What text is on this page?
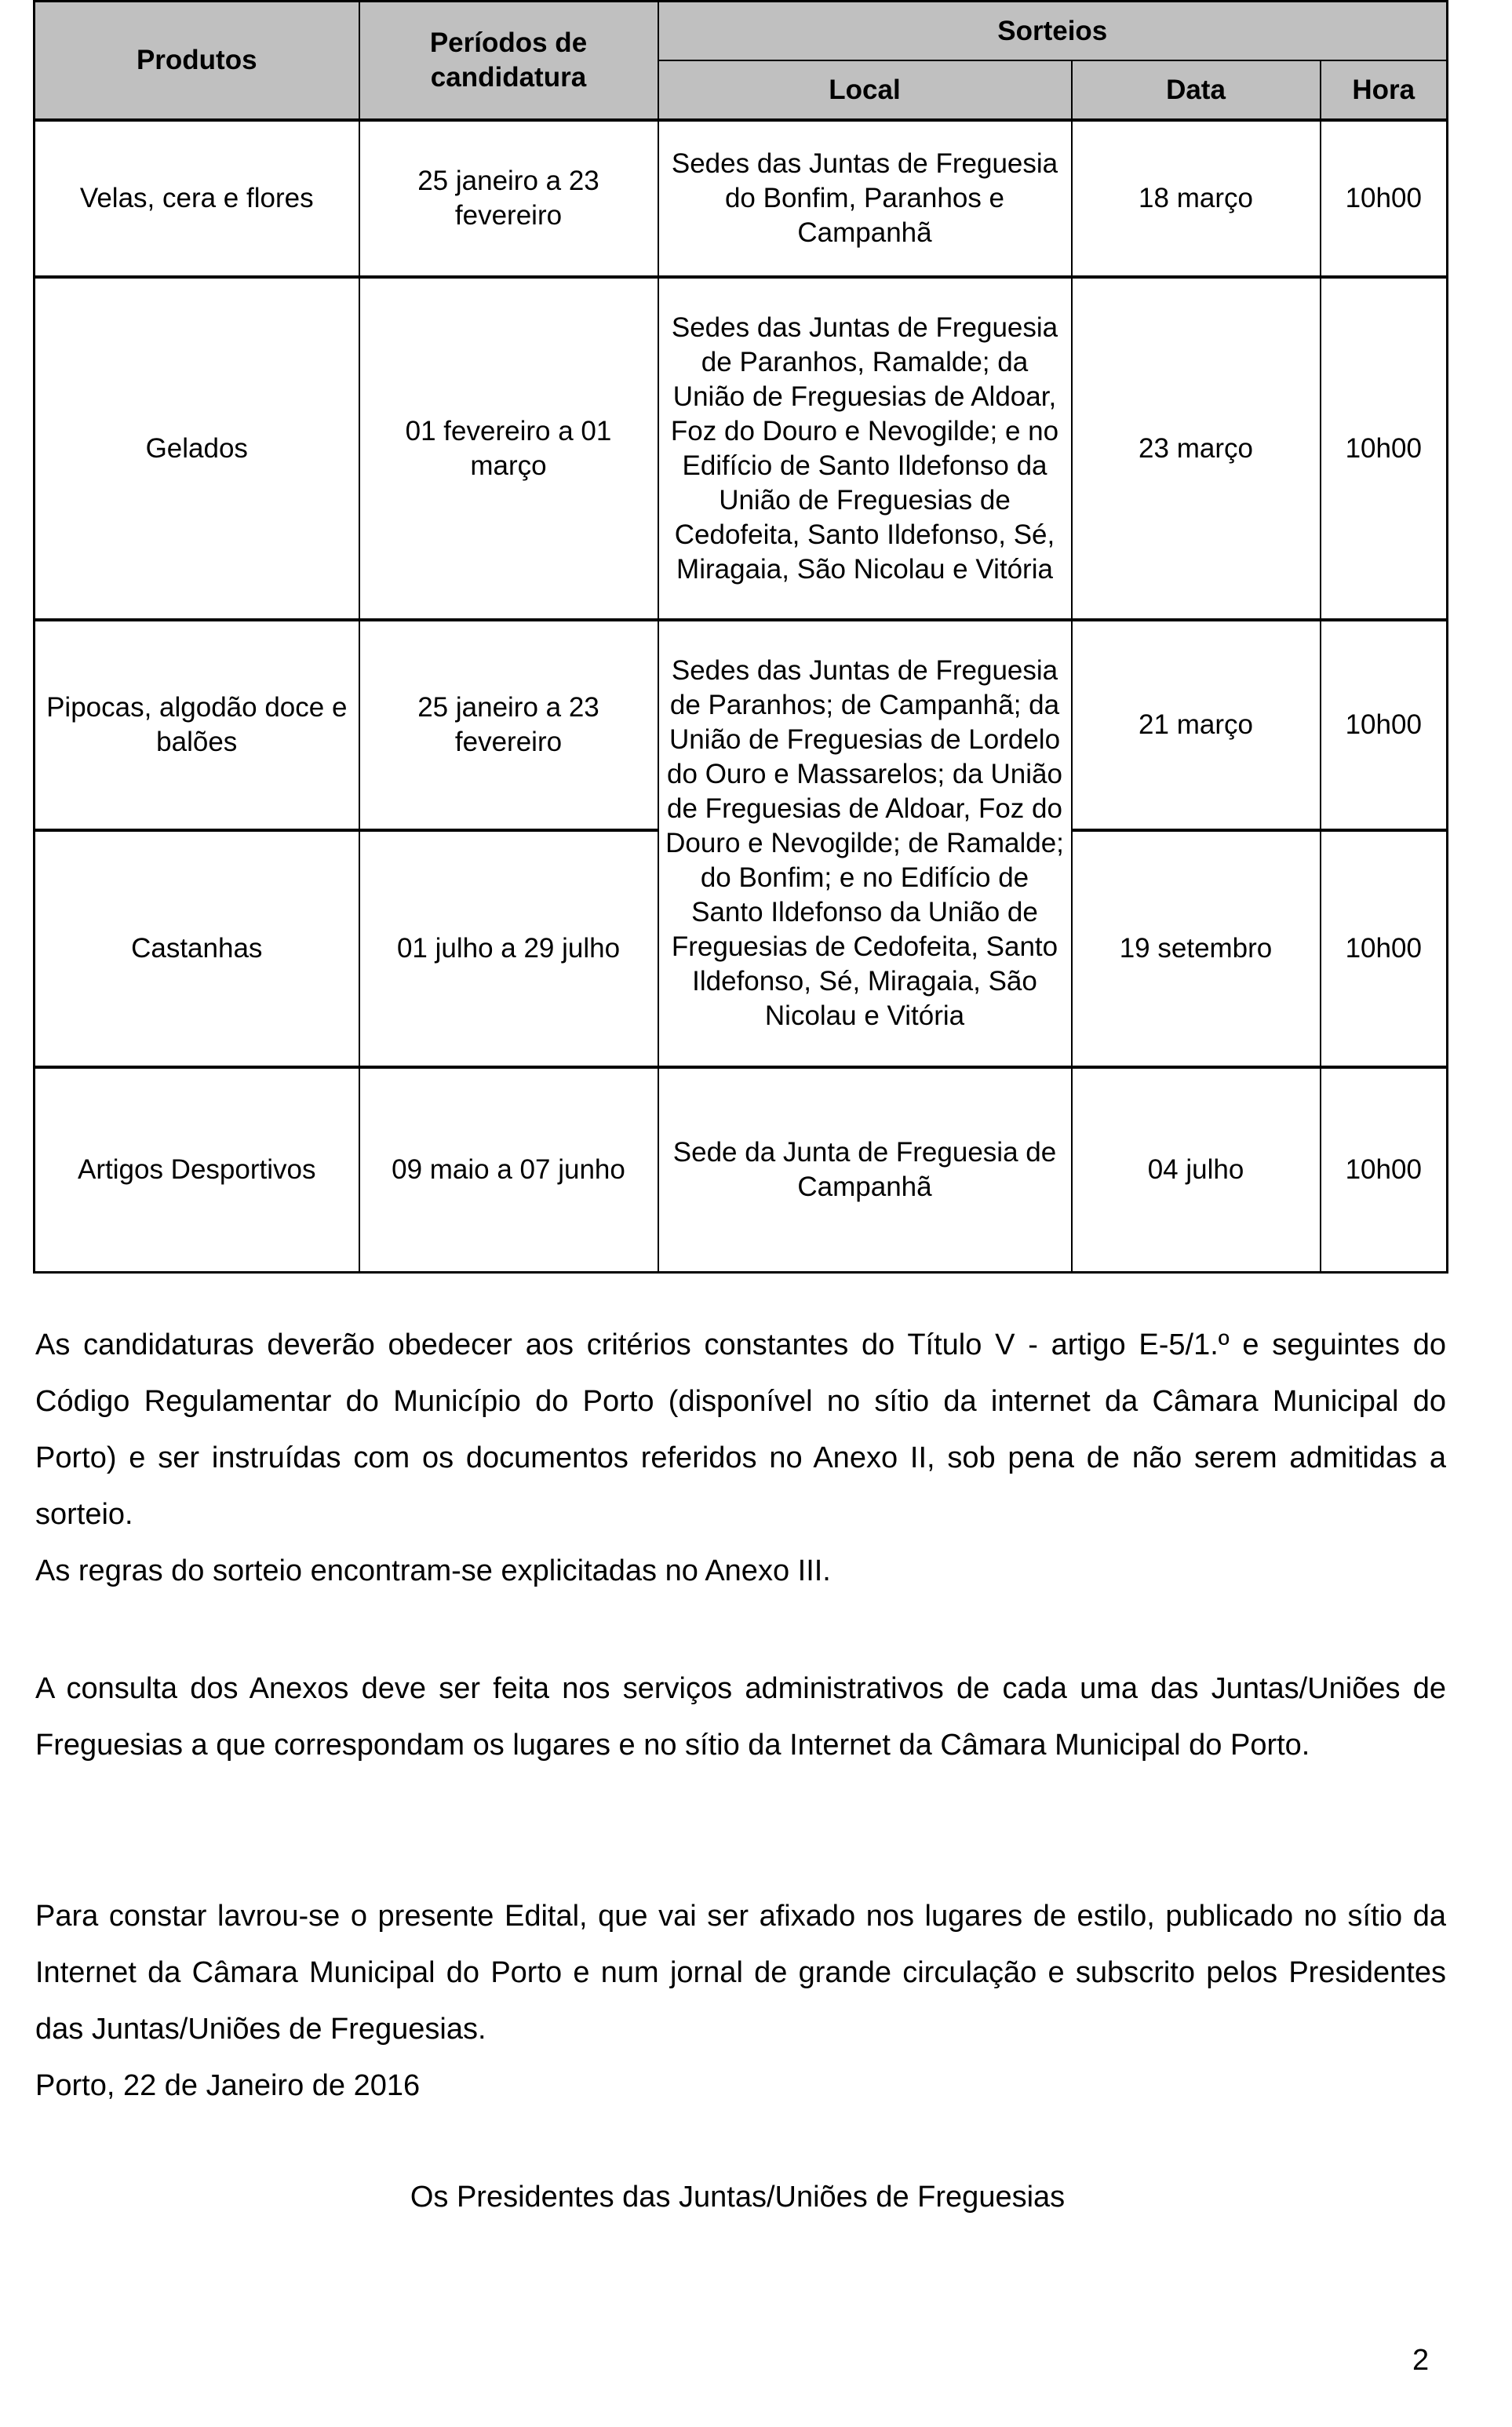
Produtos	Períodos de candidatura	Sorteios		
		Local	Data	Hora
Velas, cera e flores	25 janeiro a 23 fevereiro	Sedes das Juntas de Freguesia do Bonfim, Paranhos e Campanhã	18 março	10h00
Gelados	01 fevereiro a 01 março	Sedes das Juntas de Freguesia de Paranhos, Ramalde; da União de Freguesias de Aldoar, Foz do Douro e Nevogilde; e no Edifício de Santo Ildefonso da União de Freguesias de Cedofeita, Santo Ildefonso, Sé, Miragaia, São Nicolau e Vitória	23 março	10h00
Pipocas, algodão doce e balões	25 janeiro a 23 fevereiro	Sedes das Juntas de Freguesia de Paranhos; de Campanhã; da União de Freguesias de Lordelo do Ouro e Massarelos; da União de Freguesias de Aldoar, Foz do Douro e Nevogilde; de Ramalde; do Bonfim; e no Edifício de Santo Ildefonso da União de Freguesias de Cedofeita, Santo Ildefonso, Sé, Miragaia, São Nicolau e Vitória	21 março	10h00
Castanhas	01 julho a 29 julho		19 setembro	10h00
Artigos Desportivos	09 maio a 07 junho	Sede da Junta de Freguesia de Campanhã	04 julho	10h00

As candidaturas deverão obedecer aos critérios constantes do Título V - artigo E-5/1.º e seguintes do Código Regulamentar do Município do Porto (disponível no sítio da internet da Câmara Municipal do Porto) e ser instruídas com os documentos referidos no Anexo II, sob pena de não serem admitidas a sorteio.

As regras do sorteio encontram-se explicitadas no Anexo III.

A consulta dos Anexos deve ser feita nos serviços administrativos de cada uma das Juntas/Uniões de Freguesias a que correspondam os lugares e no sítio da Internet da Câmara Municipal do Porto.

Para constar lavrou-se o presente Edital, que vai ser afixado nos lugares de estilo, publicado no sítio da Internet da Câmara Municipal do Porto e num jornal de grande circulação e subscrito pelos Presidentes das Juntas/Uniões de Freguesias.

Porto, 22 de Janeiro de 2016

Os Presidentes das Juntas/Uniões de Freguesias
2
